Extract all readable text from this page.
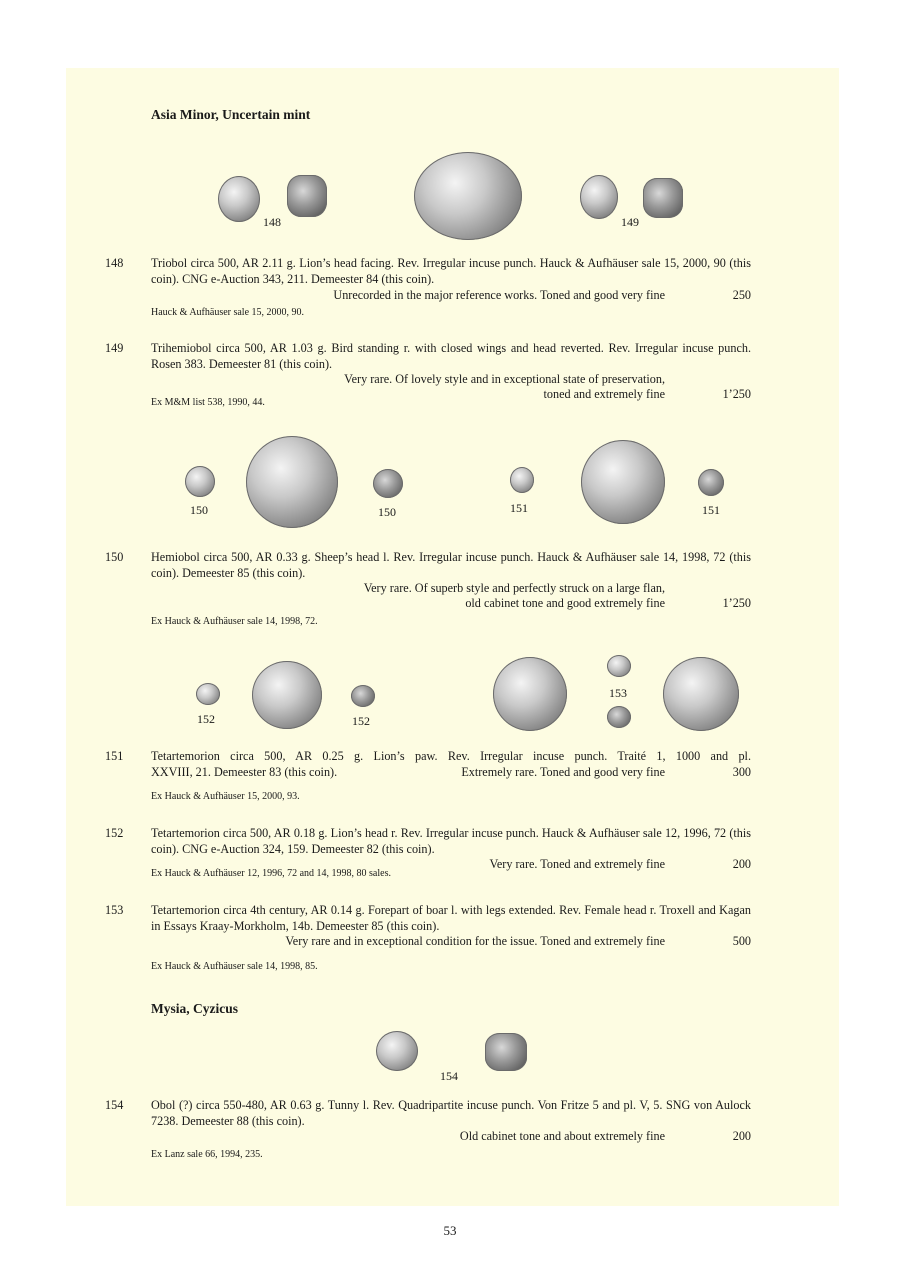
Asia Minor, Uncertain mint
148	149
148	Triobol circa 500, AR 2.11 g. Lion’s head facing. Rev. Irregular incuse punch. Hauck & Aufhäuser sale 15, 2000, 90 (this coin). CNG e-Auction 343, 211. Demeester 84 (this coin).
Unrecorded in the major reference works. Toned and good very fine	250
Hauck & Aufhäuser sale 15, 2000, 90.
149	Trihemiobol circa 500, AR 1.03 g. Bird standing r. with closed wings and head reverted. Rev. Irregular incuse punch. Rosen 383. Demeester 81 (this coin).
Very rare. Of lovely style and in exceptional state of preservation,
toned and extremely fine	1’250
Ex M&M list 538, 1990, 44.
150	150	151	151
150	Hemiobol circa 500, AR 0.33 g. Sheep’s head l. Rev. Irregular incuse punch. Hauck & Aufhäuser sale 14, 1998, 72 (this coin). Demeester 85 (this coin).
Very rare. Of superb style and perfectly struck on a large flan,
old cabinet tone and good extremely fine	1’250
Ex Hauck & Aufhäuser sale 14, 1998, 72.
152	152
153
151	Tetartemorion circa 500, AR 0.25 g. Lion’s paw. Rev. Irregular incuse punch. Traité 1, 1000 and pl.
XXVIII, 21. Demeester 83 (this coin).	Extremely rare. Toned and good very fine	300
Ex Hauck & Aufhäuser 15, 2000, 93.
152	Tetartemorion circa 500, AR 0.18 g. Lion’s head r. Rev. Irregular incuse punch. Hauck & Aufhäuser sale 12, 1996, 72 (this coin). CNG e-Auction 324, 159. Demeester 82 (this coin).
Very rare. Toned and extremely fine	200
Ex Hauck & Aufhäuser 12, 1996, 72 and 14, 1998, 80 sales.
153	Tetartemorion circa 4th century, AR 0.14 g. Forepart of boar l. with legs extended. Rev. Female head r. Troxell and Kagan in Essays Kraay-Morkholm, 14b. Demeester 85 (this coin).
Very rare and in exceptional condition for the issue. Toned and extremely fine	500
Ex Hauck & Aufhäuser sale 14, 1998, 85.
Mysia, Cyzicus
154
154	Obol (?) circa 550-480, AR 0.63 g. Tunny l. Rev. Quadripartite incuse punch. Von Fritze 5 and pl. V, 5. SNG von Aulock 7238. Demeester 88 (this coin).
Old cabinet tone and about extremely fine	200
Ex Lanz sale 66, 1994, 235.
53
